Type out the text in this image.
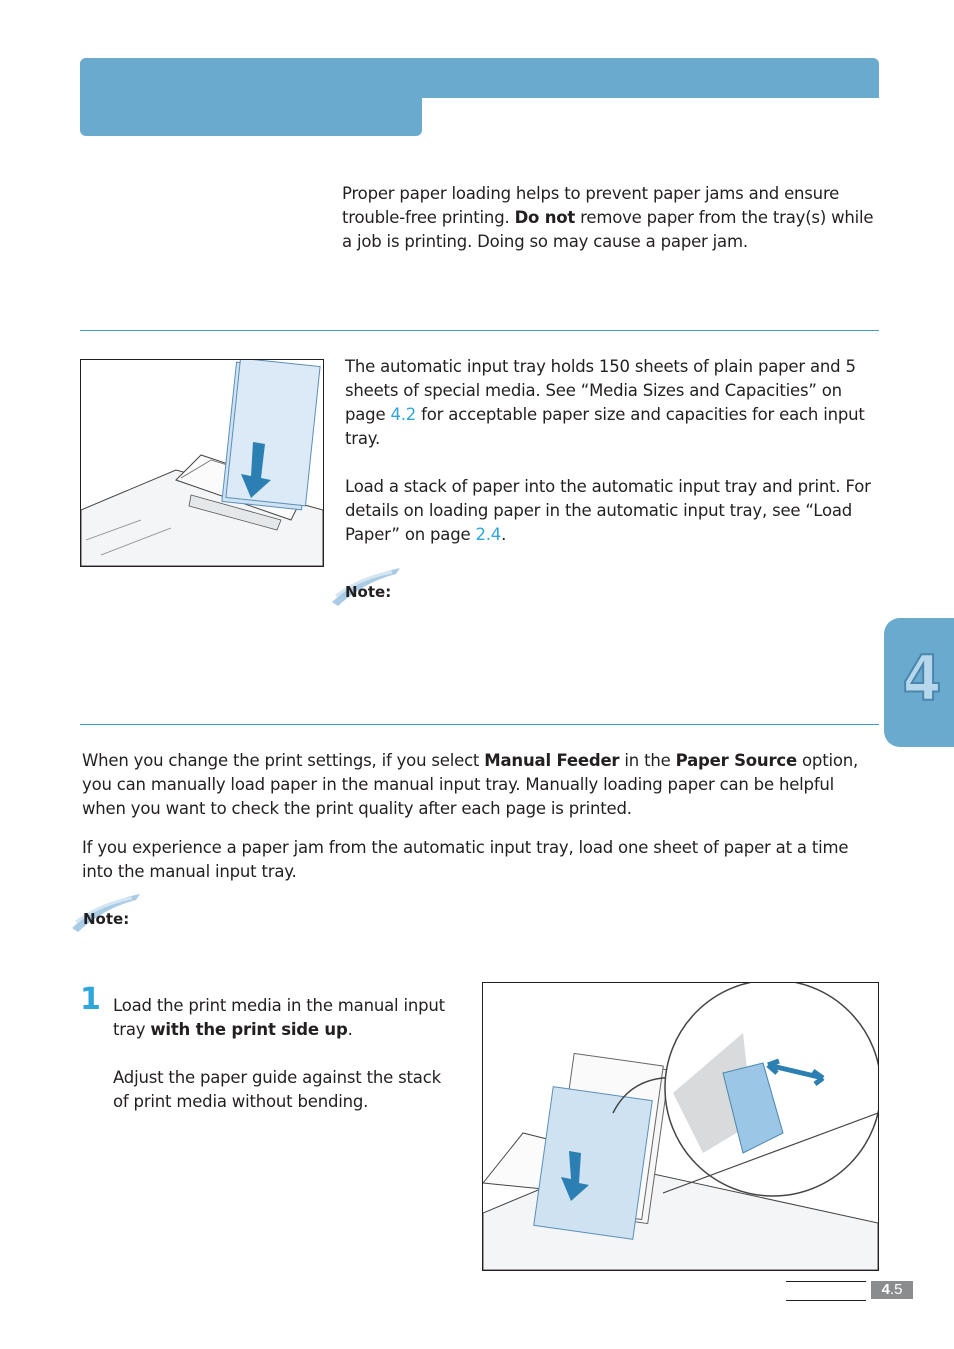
Proper paper loading helps to prevent paper jams and ensure trouble-free printing. Do not remove paper from the tray(s) while a job is printing. Doing so may cause a paper jam.
The automatic input tray holds 150 sheets of plain paper and 5 sheets of special media. See “Media Sizes and Capacities” on page 4.2 for acceptable paper size and capacities for each input tray.
Load a stack of paper into the automatic input tray and print. For details on loading paper in the automatic input tray, see “Load Paper” on page 2.4.
Note:
4
When you change the print settings, if you select Manual Feeder in the Paper Source option, you can manually load paper in the manual input tray. Manually loading paper can be helpful when you want to check the print quality after each page is printed.
If you experience a paper jam from the automatic input tray, load one sheet of paper at a time into the manual input tray.
Note:
1 Load the print media in the manual input tray with the print side up.
Adjust the paper guide against the stack of print media without bending.
4.5
